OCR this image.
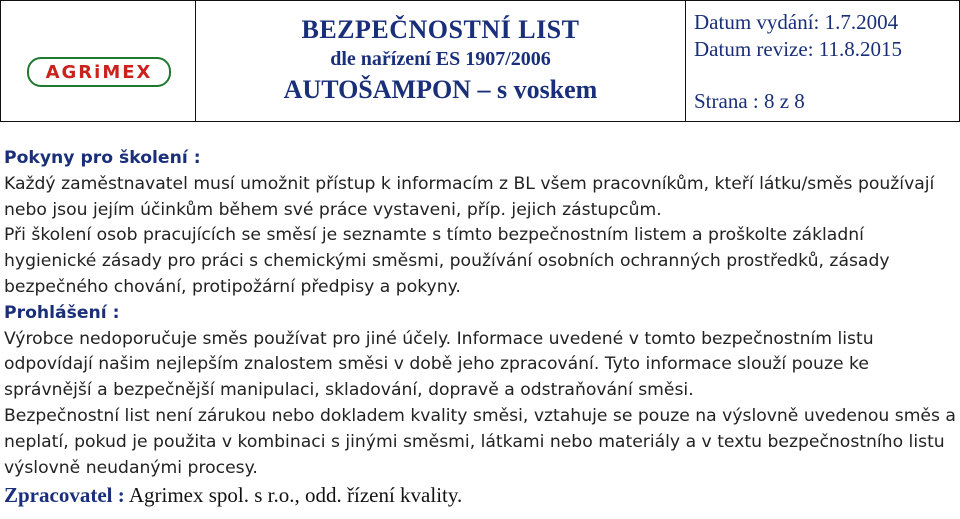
AGRiMEX
BEZPEČNOSTNÍ LIST
dle nařízení ES 1907/2006
AUTOŠAMPON – s voskem
Datum vydání: 1.7.2004
Datum revize: 11.8.2015
Strana : 8 z 8
Pokyny pro školení :
Každý zaměstnavatel musí umožnit přístup k informacím z BL všem pracovníkům, kteří látku/směs používají nebo jsou jejím účinkům během své práce vystaveni, příp. jejich zástupcům.
Při školení osob pracujících se směsí je seznamte s tímto bezpečnostním listem a proškolte základní hygienické zásady pro práci s chemickými směsmi, používání osobních ochranných prostředků, zásady bezpečného chování, protipožární předpisy a pokyny.
Prohlášení :
Výrobce nedoporučuje směs používat pro jiné účely. Informace uvedené v tomto bezpečnostním listu odpovídají našim nejlepším znalostem směsi v době jeho zpracování. Tyto informace slouží pouze ke správnější a bezpečnější manipulaci, skladování, dopravě a odstraňování směsi.
Bezpečnostní list není zárukou nebo dokladem kvality směsi, vztahuje se pouze na výslovně uvedenou směs a neplatí, pokud je použita v kombinaci s jinými směsmi, látkami nebo materiály a v textu bezpečnostního listu výslovně neudanými procesy.
Zpracovatel : Agrimex spol. s r.o., odd. řízení kvality.
